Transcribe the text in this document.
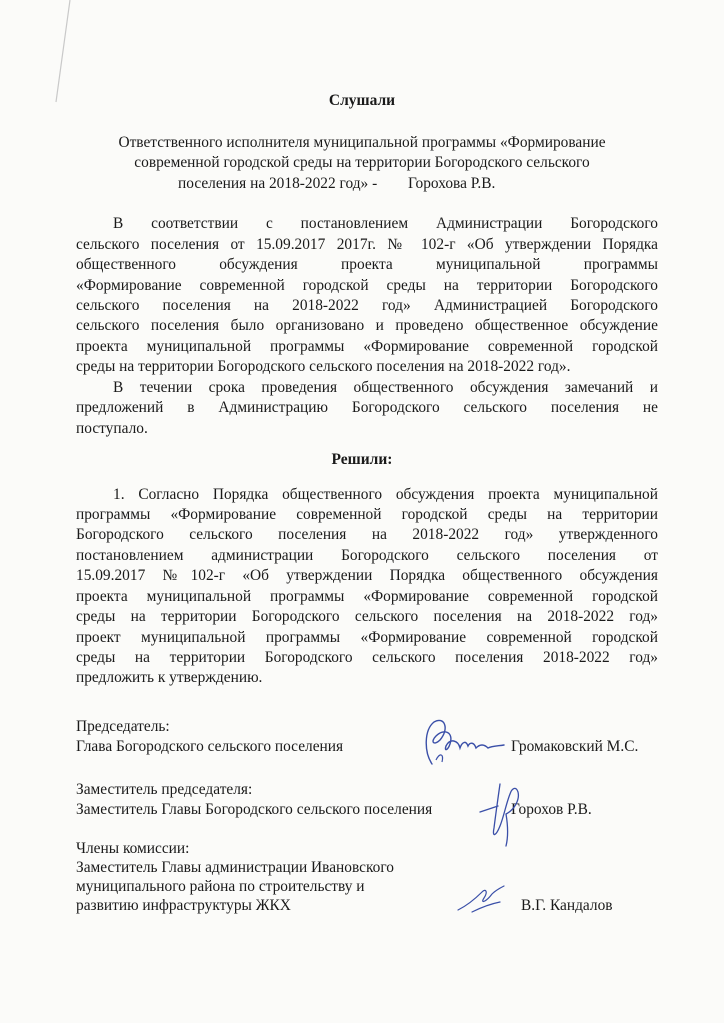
Слушали
Ответственного исполнителя муниципальной программы «Формирование
современной городской среды на территории Богородского сельского
поселения на 2018-2022 год» -        Горохова Р.В.
В соответствии с постановлением Администрации Богородского
сельского поселения от 15.09.2017 2017г. № 102-г «Об утверждении Порядка
общественного обсуждения проекта муниципальной программы
«Формирование современной городской среды на территории Богородского
сельского поселения на 2018-2022 год» Администрацией Богородского
сельского поселения было организовано и проведено общественное обсуждение
проекта муниципальной программы «Формирование современной городской
среды на территории Богородского сельского поселения на 2018-2022 год».
В течении срока проведения общественного обсуждения замечаний и
предложений в Администрацию Богородского сельского поселения не
поступало.
Решили:
1. Согласно Порядка общественного обсуждения проекта муниципальной
программы «Формирование современной городской среды на территории
Богородского сельского поселения на 2018-2022 год» утвержденного
постановлением администрации Богородского сельского поселения от
15.09.2017 №102-г «Об утверждении Порядка общественного обсуждения
проекта муниципальной программы «Формирование современной городской
среды на территории Богородского сельского поселения на 2018-2022 год»
проект муниципальной программы «Формирование современной городской
среды на территории Богородского сельского поселения 2018-2022 год»
предложить к утверждению.
Председатель:
Глава Богородского сельского поселения	Громаковский М.С.
Заместитель председателя:
Заместитель Главы Богородского сельского поселения	Горохов Р.В.
Члены комиссии:
Заместитель Главы администрации Ивановского
муниципального района по строительству и
развитию инфраструктуры ЖКХ	В.Г. Кандалов
